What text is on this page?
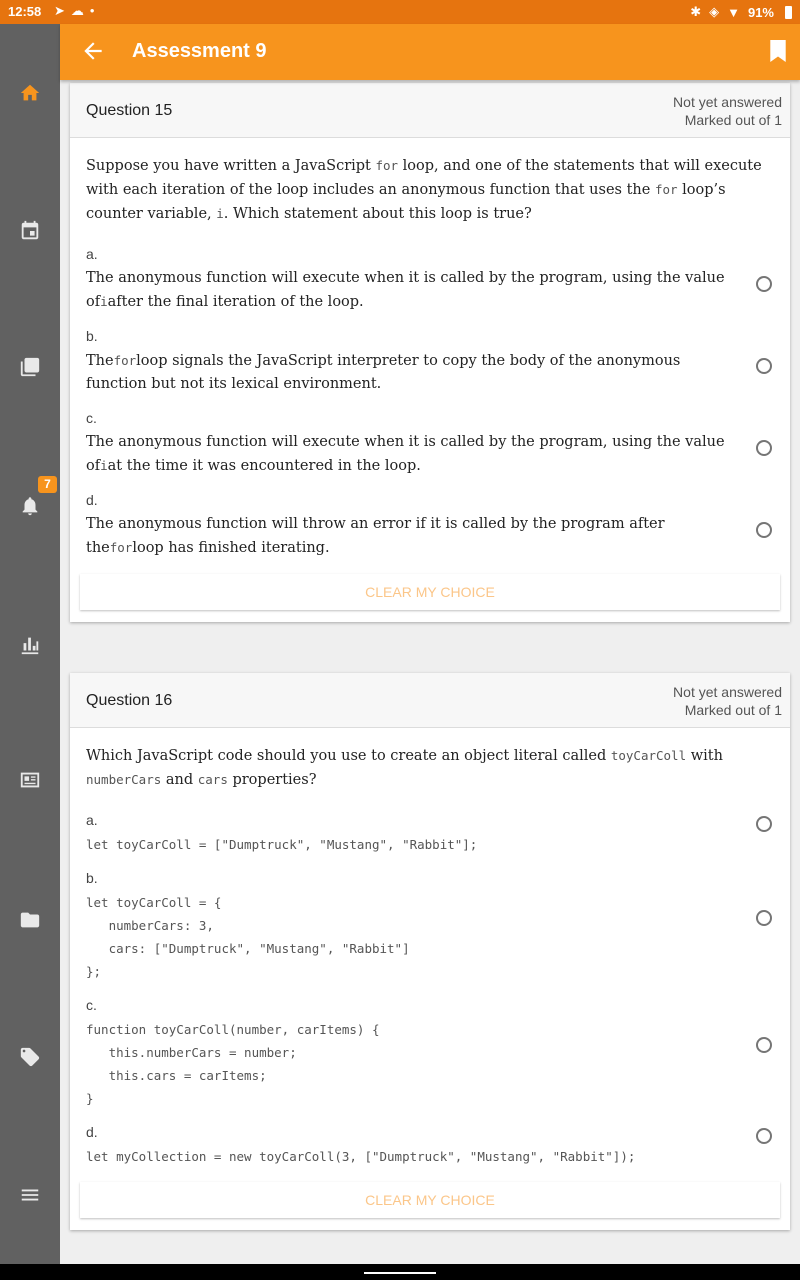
12:58 ➤☁•	✱ ◈ ▼ 91%
7
Assessment 9
Question 15	Not yet answered
Marked out of 1
Suppose you have written a JavaScript for loop, and one of the statements that will execute with each iteration of the loop includes an anonymous function that uses the for loop’s counter variable, i. Which statement about this loop is true?
a.
The anonymous function will execute when it is called by the program, using the value ofiafter the final iteration of the loop.
b.
Theforloop signals the JavaScript interpreter to copy the body of the anonymous function but not its lexical environment.
c.
The anonymous function will execute when it is called by the program, using the value ofiat the time it was encountered in the loop.
d.
The anonymous function will throw an error if it is called by the program after theforloop has finished iterating.
CLEAR MY CHOICE
Question 16	Not yet answered
Marked out of 1
Which JavaScript code should you use to create an object literal called toyCarColl with numberCars and cars properties?
a.
let toyCarColl = ["Dumptruck", "Mustang", "Rabbit"];
b.
let toyCarColl = {
numberCars: 3,
cars: ["Dumptruck", "Mustang", "Rabbit"]
};
c.
function toyCarColl(number, carItems) {
this.numberCars = number;
this.cars = carItems;
}
d.
let myCollection = new toyCarColl(3, ["Dumptruck", "Mustang", "Rabbit"]);
CLEAR MY CHOICE
